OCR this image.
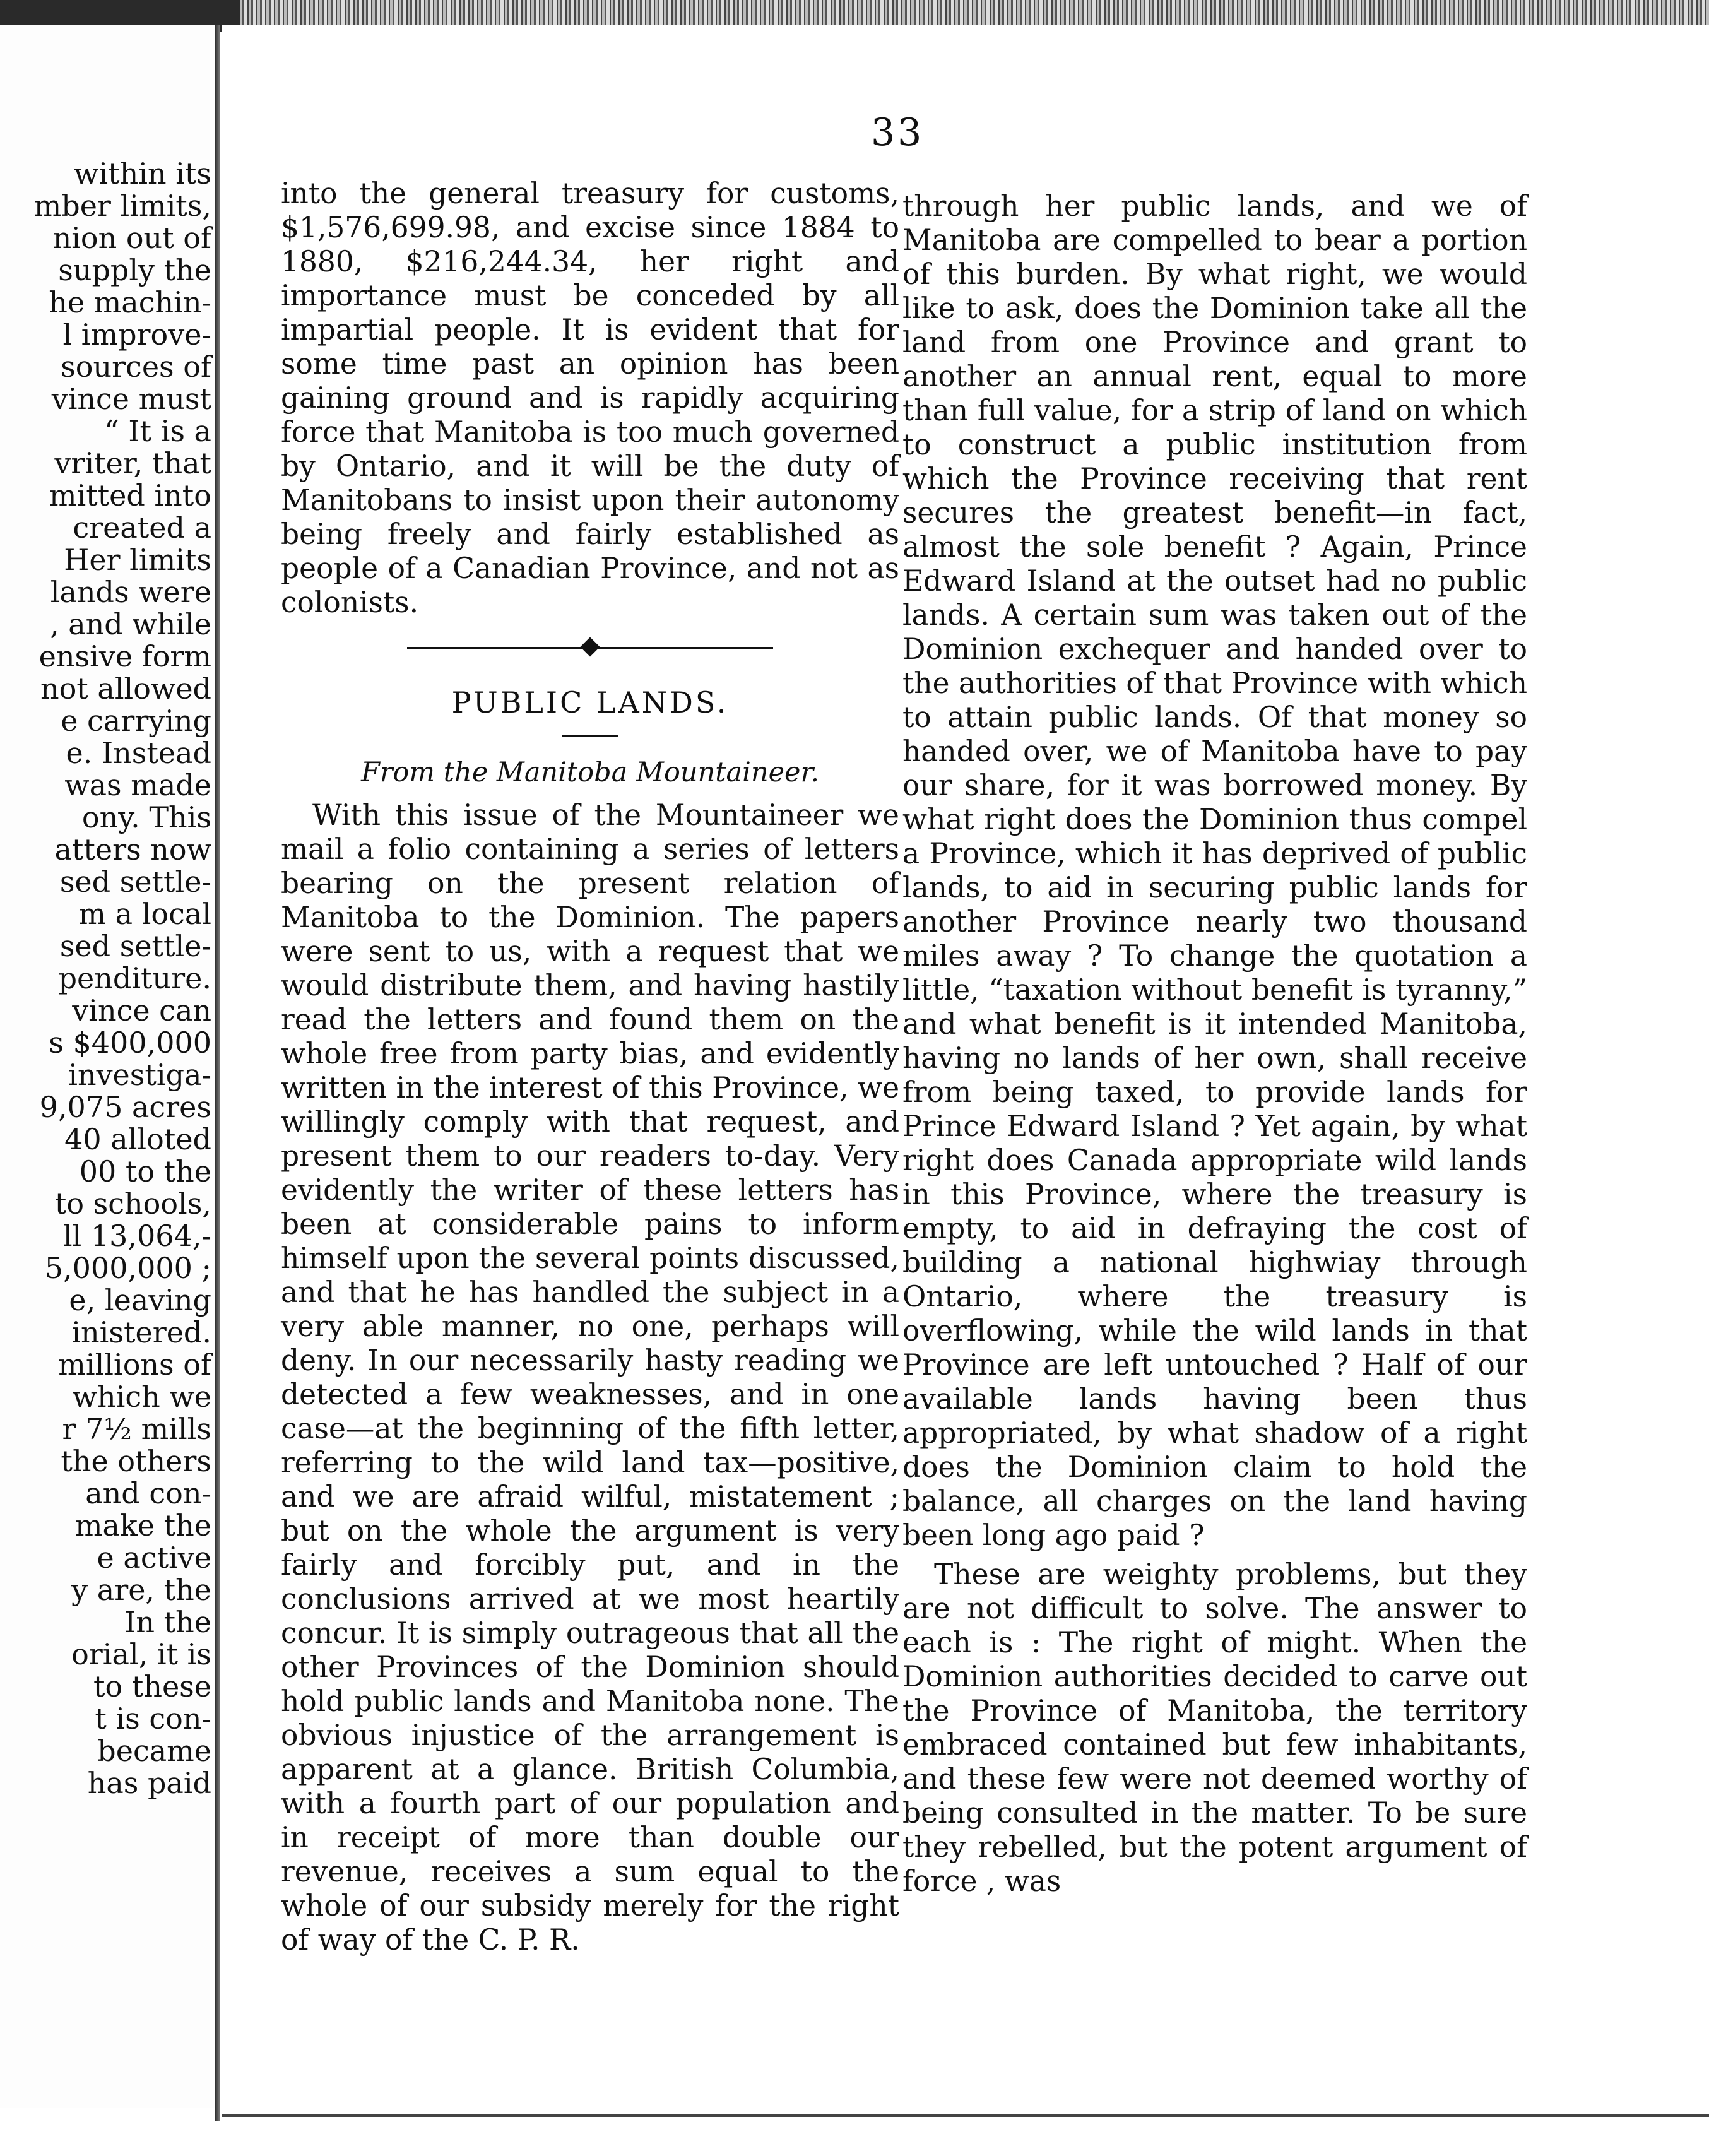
within its
mber limits,
nion out of
supply the
he machin-
l improve-
sources of
vince must
“ It is a
vriter, that
mitted into
created a
Her limits
lands were
, and while
ensive form
not allowed
e carrying
e. Instead
was made
ony. This
atters now
sed settle-
m a local
sed settle-
penditure.
vince can
s $400,000
investiga-
9,075 acres
40 alloted
00 to the
to schools,
ll 13,064,-
5,000,000 ;
e, leaving
inistered.
millions of
which we
r 7½ mills
the others
and con-
make the
e active
y are, the
In the
orial, it is
to these
t is con-
became
has paid
33

into the general treasury for customs, $1,576,699.98, and excise since 1884 to 1880, $216,244.34, her right and importance must be conceded by all impartial people. It is evident that for some time past an opinion has been gaining ground and is rapidly acquiring force that Manitoba is too much governed by Ontario, and it will be the duty of Manitobans to insist upon their autonomy being freely and fairly established as people of a Canadian Province, and not as colonists.

PUBLIC LANDS.
From the Manitoba Mountaineer.

With this issue of the Mountaineer we mail a folio containing a series of letters bearing on the present relation of Manitoba to the Dominion. The papers were sent to us, with a request that we would distribute them, and having hastily read the letters and found them on the whole free from party bias, and evidently written in the interest of this Province, we willingly comply with that request, and present them to our readers to-day. Very evidently the writer of these letters has been at considerable pains to inform himself upon the several points discussed, and that he has handled the subject in a very able manner, no one, perhaps will deny. In our necessarily hasty reading we detected a few weaknesses, and in one case—at the beginning of the fifth letter, referring to the wild land tax—positive, and we are afraid wilful, mistatement ; but on the whole the argument is very fairly and forcibly put, and in the conclusions arrived at we most heartily concur. It is simply outrageous that all the other Provinces of the Dominion should hold public lands and Manitoba none. The obvious injustice of the arrangement is apparent at a glance. British Columbia, with a fourth part of our population and in receipt of more than double our revenue, receives a sum equal to the whole of our subsidy merely for the right of way of the C. P. R.

through her public lands, and we of Manitoba are compelled to bear a portion of this burden. By what right, we would like to ask, does the Dominion take all the land from one Province and grant to another an annual rent, equal to more than full value, for a strip of land on which to construct a public institution from which the Province receiving that rent secures the greatest benefit—in fact, almost the sole benefit ? Again, Prince Edward Island at the outset had no public lands. A certain sum was taken out of the Dominion exchequer and handed over to the authorities of that Province with which to attain public lands. Of that money so handed over, we of Manitoba have to pay our share, for it was borrowed money. By what right does the Dominion thus compel a Province, which it has deprived of public lands, to aid in securing public lands for another Province nearly two thousand miles away ? To change the quotation a little, “taxation without benefit is tyranny,” and what benefit is it intended Manitoba, having no lands of her own, shall receive from being taxed, to provide lands for Prince Edward Island ? Yet again, by what right does Canada appropriate wild lands in this Province, where the treasury is empty, to aid in defraying the cost of building a national highwiay through Ontario, where the treasury is overflowing, while the wild lands in that Province are left untouched ? Half of our available lands having been thus appropriated, by what shadow of a right does the Dominion claim to hold the balance, all charges on the land having been long ago paid ?

These are weighty problems, but they are not difficult to solve. The answer to each is : The right of might. When the Dominion authorities decided to carve out the Province of Manitoba, the territory embraced contained but few inhabitants, and these few were not deemed worthy of being consulted in the matter. To be sure they rebelled, but the potent argument of force , was
